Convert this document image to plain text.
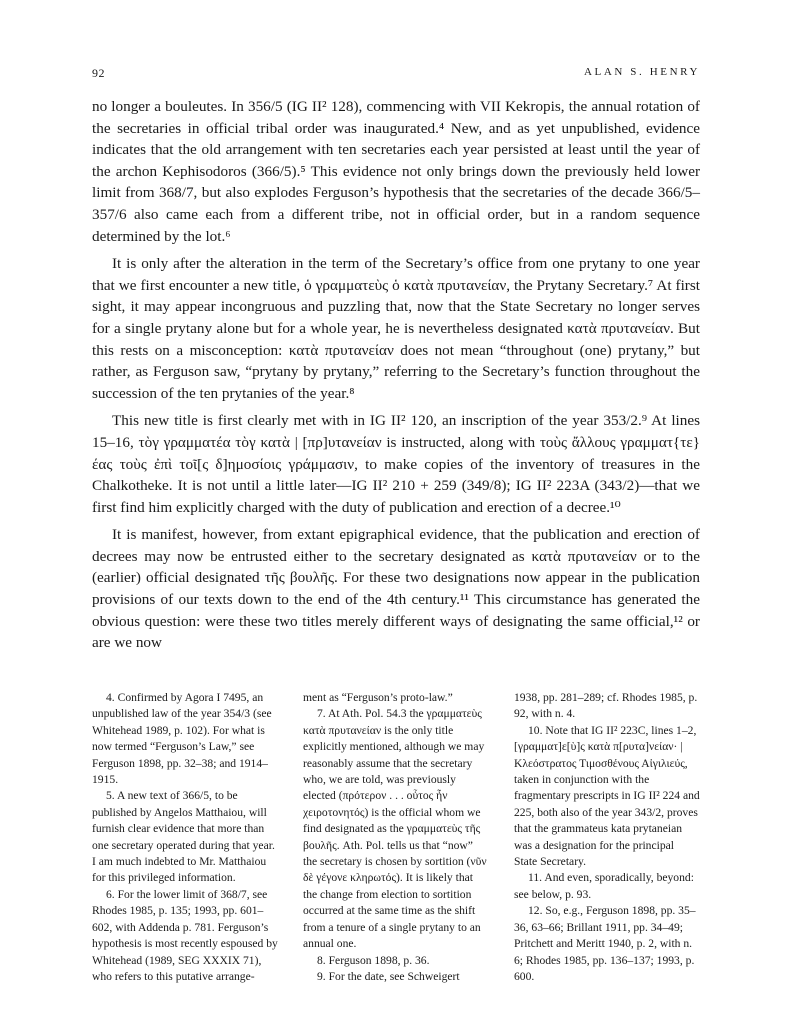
92	ALAN S. HENRY

no longer a bouleutes. In 356/5 (IG II² 128), commencing with VII Kekropis, the annual rotation of the secretaries in official tribal order was inaugurated.⁴ New, and as yet unpublished, evidence indicates that the old arrangement with ten secretaries each year persisted at least until the year of the archon Kephisodoros (366/5).⁵ This evidence not only brings down the previously held lower limit from 368/7, but also explodes Ferguson’s hypothesis that the secretaries of the decade 366/5–357/6 also came each from a different tribe, not in official order, but in a random sequence determined by the lot.⁶

It is only after the alteration in the term of the Secretary’s office from one prytany to one year that we first encounter a new title, ὁ γραμματεὺς ὁ κατὰ πρυτανείαν, the Prytany Secretary.⁷ At first sight, it may appear incongruous and puzzling that, now that the State Secretary no longer serves for a single prytany alone but for a whole year, he is nevertheless designated κατὰ πρυτανείαν. But this rests on a misconception: κατὰ πρυτανείαν does not mean “throughout (one) prytany,” but rather, as Ferguson saw, “prytany by prytany,” referring to the Secretary’s function throughout the succession of the ten prytanies of the year.⁸

This new title is first clearly met with in IG II² 120, an inscription of the year 353/2.⁹ At lines 15–16, τὸγ γραμματέα τὸγ κατὰ | [πρ]υτανείαν is instructed, along with τοὺς ἄλλους γραμματ{τε}έας τοὺς ἐπὶ τοῖ[ς δ]ημοσίοις γράμμασιν, to make copies of the inventory of treasures in the Chalkotheke. It is not until a little later—IG II² 210 + 259 (349/8); IG II² 223A (343/2)—that we first find him explicitly charged with the duty of publication and erection of a decree.¹⁰

It is manifest, however, from extant epigraphical evidence, that the publication and erection of decrees may now be entrusted either to the secretary designated as κατὰ πρυτανείαν or to the (earlier) official designated τῆς βουλῆς. For these two designations now appear in the publication provisions of our texts down to the end of the 4th century.¹¹ This circumstance has generated the obvious question: were these two titles merely different ways of designating the same official,¹² or are we now

4. Confirmed by Agora I 7495, an unpublished law of the year 354/3 (see Whitehead 1989, p. 102). For what is now termed “Ferguson’s Law,” see Ferguson 1898, pp. 32–38; and 1914–1915.

5. A new text of 366/5, to be published by Angelos Matthaiou, will furnish clear evidence that more than one secretary operated during that year. I am much indebted to Mr. Matthaiou for this privileged information.

6. For the lower limit of 368/7, see Rhodes 1985, p. 135; 1993, pp. 601–602, with Addenda p. 781. Ferguson’s hypothesis is most recently espoused by Whitehead (1989, SEG XXXIX 71), who refers to this putative arrange-

ment as “Ferguson’s proto-law.”

7. At Ath. Pol. 54.3 the γραμματεὺς κατὰ πρυτανείαν is the only title explicitly mentioned, although we may reasonably assume that the secretary who, we are told, was previously elected (πρότερον . . . οὗτος ἦν χειροτονητός) is the official whom we find designated as the γραμματεὺς τῆς βουλῆς. Ath. Pol. tells us that “now” the secretary is chosen by sortition (νῦν δὲ γέγονε κληρωτός). It is likely that the change from election to sortition occurred at the same time as the shift from a tenure of a single prytany to an annual one.

8. Ferguson 1898, p. 36.

9. For the date, see Schweigert

1938, pp. 281–289; cf. Rhodes 1985, p. 92, with n. 4.

10. Note that IG II² 223C, lines 1–2, [γραμματ]ε[ὺ]ς κατὰ π[ρυτα]νείαν· | Κλεόστρατος Τιμοσθένους Αἰγιλιεύς, taken in conjunction with the fragmentary prescripts in IG II² 224 and 225, both also of the year 343/2, proves that the grammateus kata prytaneian was a designation for the principal State Secretary.

11. And even, sporadically, beyond: see below, p. 93.

12. So, e.g., Ferguson 1898, pp. 35–36, 63–66; Brillant 1911, pp. 34–49; Pritchett and Meritt 1940, p. 2, with n. 6; Rhodes 1985, pp. 136–137; 1993, p. 600.
